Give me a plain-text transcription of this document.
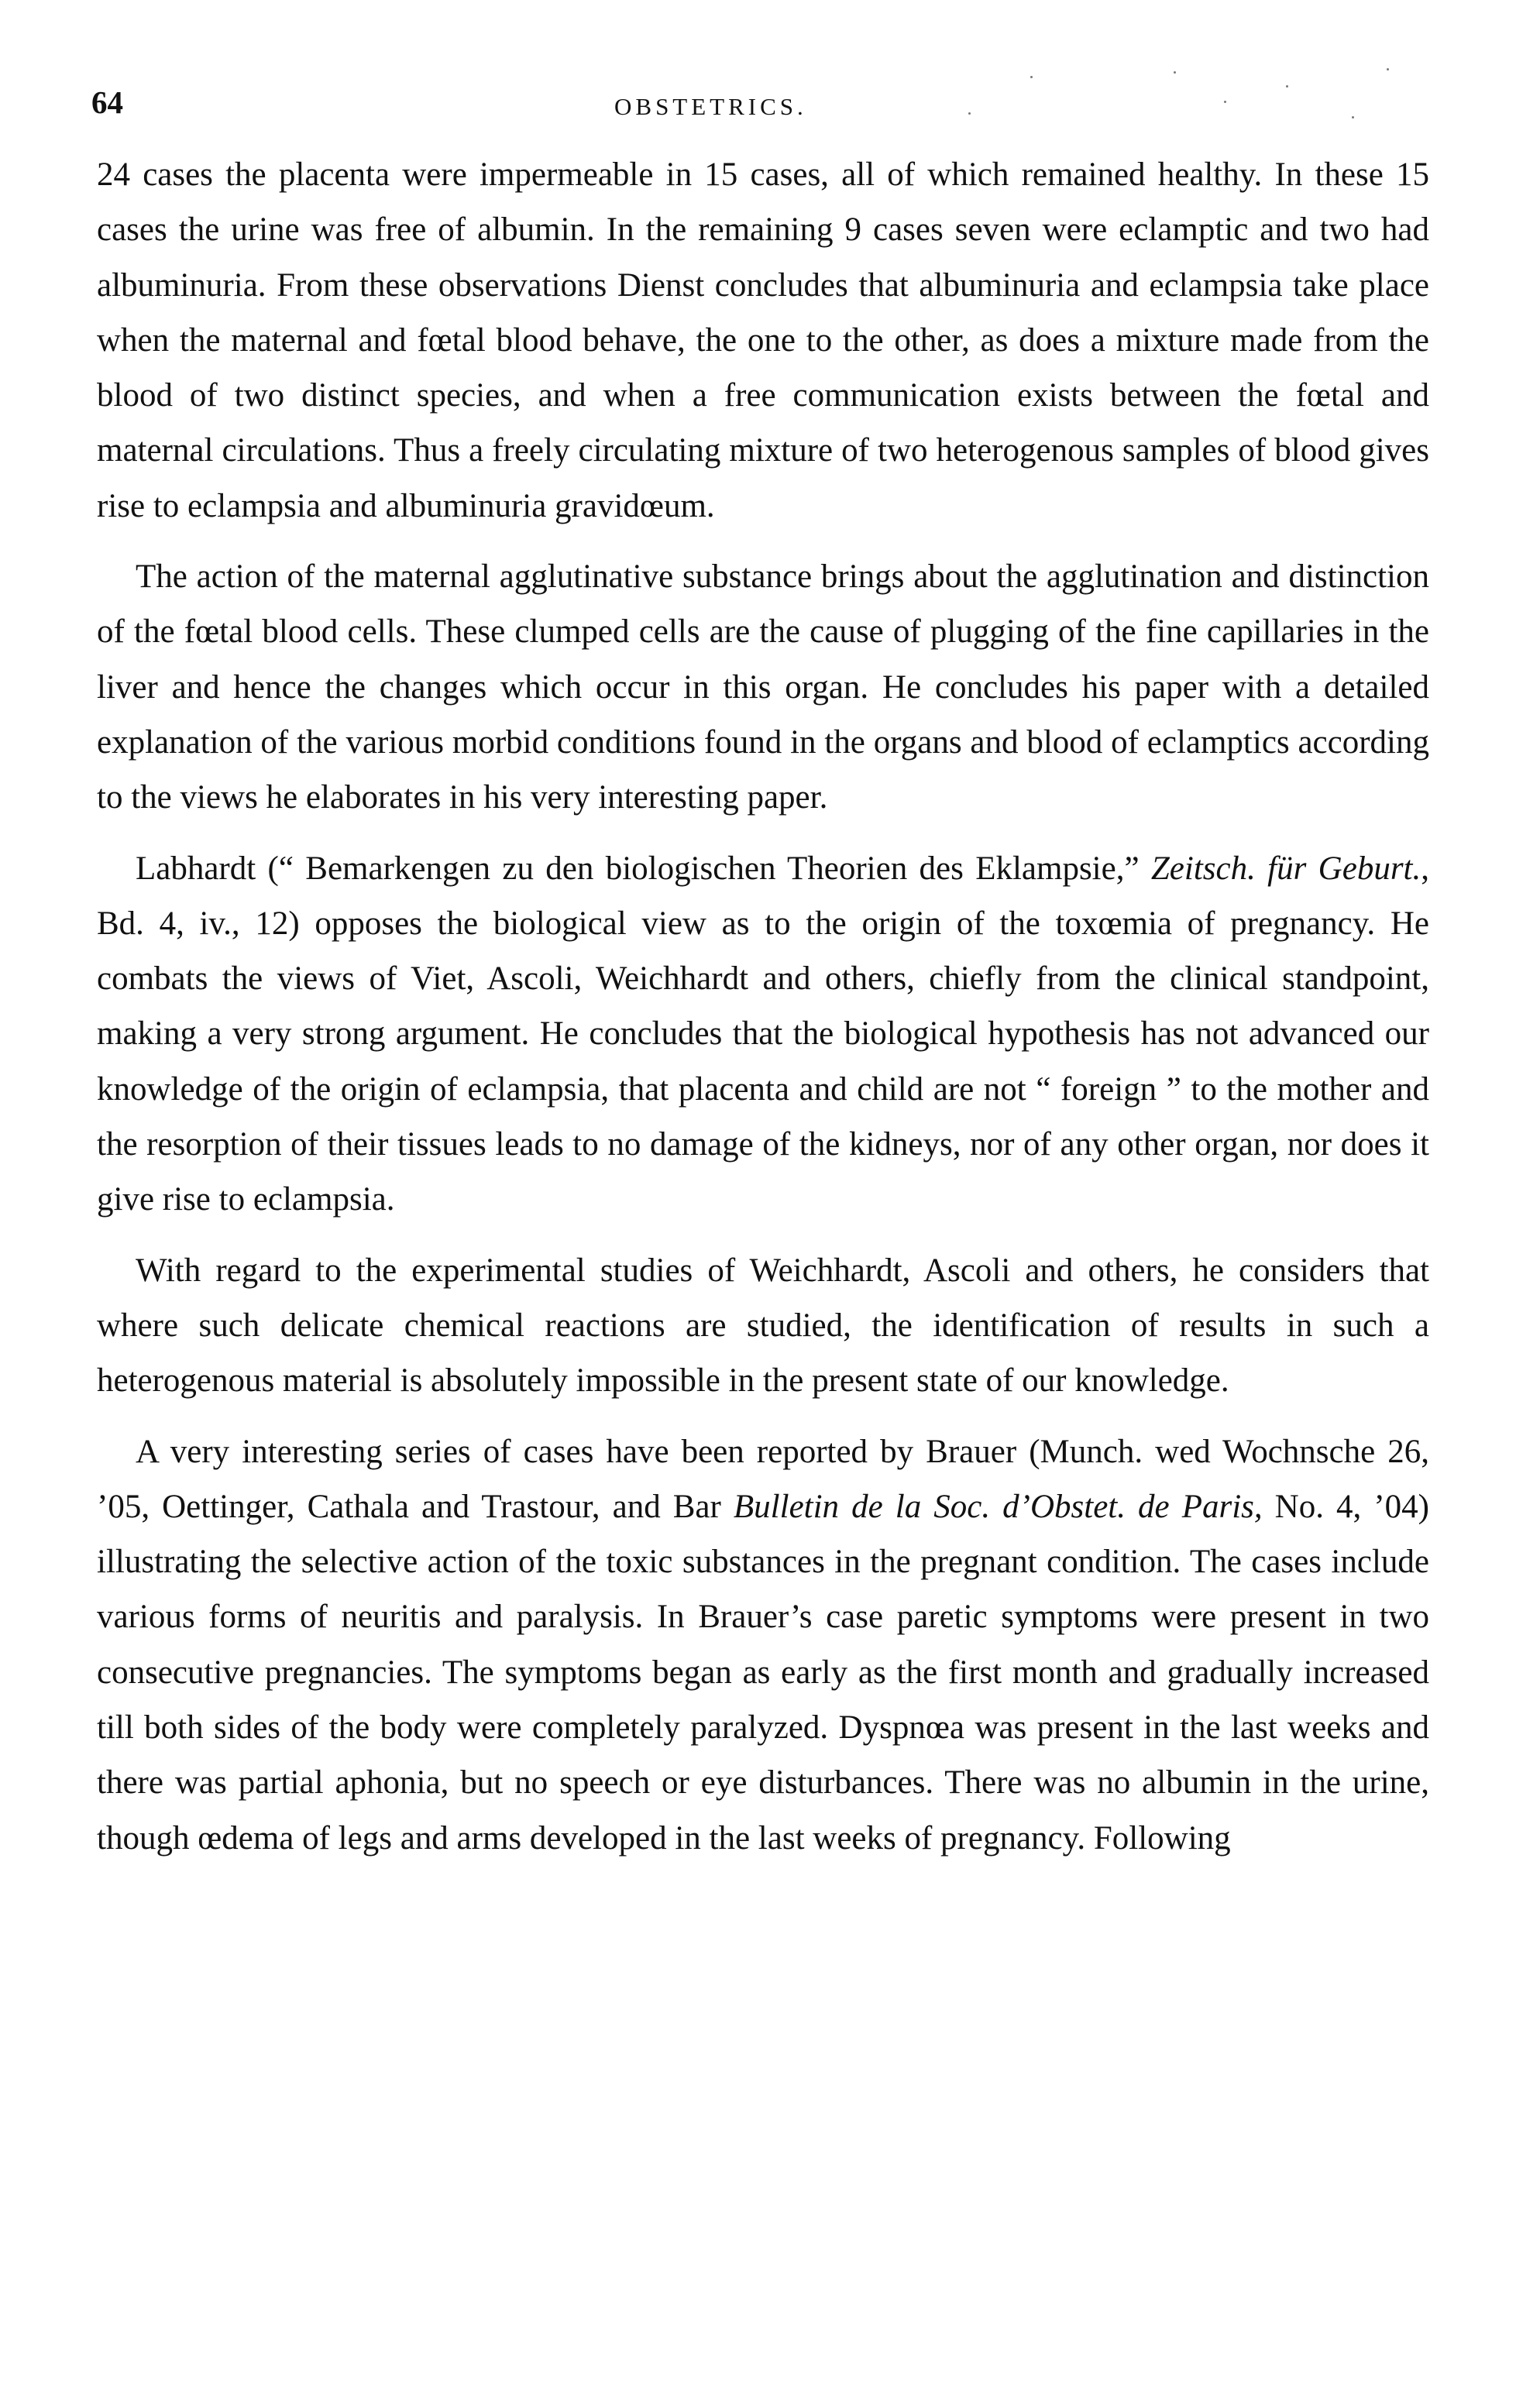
64	OBSTETRICS.

24 cases the placenta were impermeable in 15 cases, all of which remained healthy. In these 15 cases the urine was free of albumin. In the remaining 9 cases seven were eclamptic and two had albuminuria. From these observations Dienst concludes that albuminuria and eclampsia take place when the maternal and fœtal blood behave, the one to the other, as does a mixture made from the blood of two distinct species, and when a free communication exists between the fœtal and maternal circulations. Thus a freely circulating mixture of two heterogenous samples of blood gives rise to eclampsia and albuminuria gravidœum.

The action of the maternal agglutinative substance brings about the agglutination and distinction of the fœtal blood cells. These clumped cells are the cause of plugging of the fine capillaries in the liver and hence the changes which occur in this organ. He concludes his paper with a detailed explanation of the various morbid conditions found in the organs and blood of eclamptics according to the views he elaborates in his very interesting paper.

Labhardt (“ Bemarkengen zu den biologischen Theorien des Eklampsie,” Zeitsch. für Geburt., Bd. 4, iv., 12) opposes the biological view as to the origin of the toxœmia of pregnancy. He combats the views of Viet, Ascoli, Weichhardt and others, chiefly from the clinical standpoint, making a very strong argument. He concludes that the biological hypothesis has not advanced our knowledge of the origin of eclampsia, that placenta and child are not “ foreign ” to the mother and the resorption of their tissues leads to no damage of the kidneys, nor of any other organ, nor does it give rise to eclampsia.

With regard to the experimental studies of Weichhardt, Ascoli and others, he considers that where such delicate chemical reactions are studied, the identification of results in such a heterogenous material is absolutely impossible in the present state of our knowledge.

A very interesting series of cases have been reported by Brauer (Munch. wed Wochnsche 26, ’05, Oettinger, Cathala and Trastour, and Bar Bulletin de la Soc. d’Obstet. de Paris, No. 4, ’04) illustrating the selective action of the toxic substances in the pregnant condition. The cases include various forms of neuritis and paralysis. In Brauer’s case paretic symptoms were present in two consecutive pregnancies. The symptoms began as early as the first month and gradually increased till both sides of the body were completely paralyzed. Dyspnœa was present in the last weeks and there was partial aphonia, but no speech or eye disturbances. There was no albumin in the urine, though œdema of legs and arms developed in the last weeks of pregnancy. Following
